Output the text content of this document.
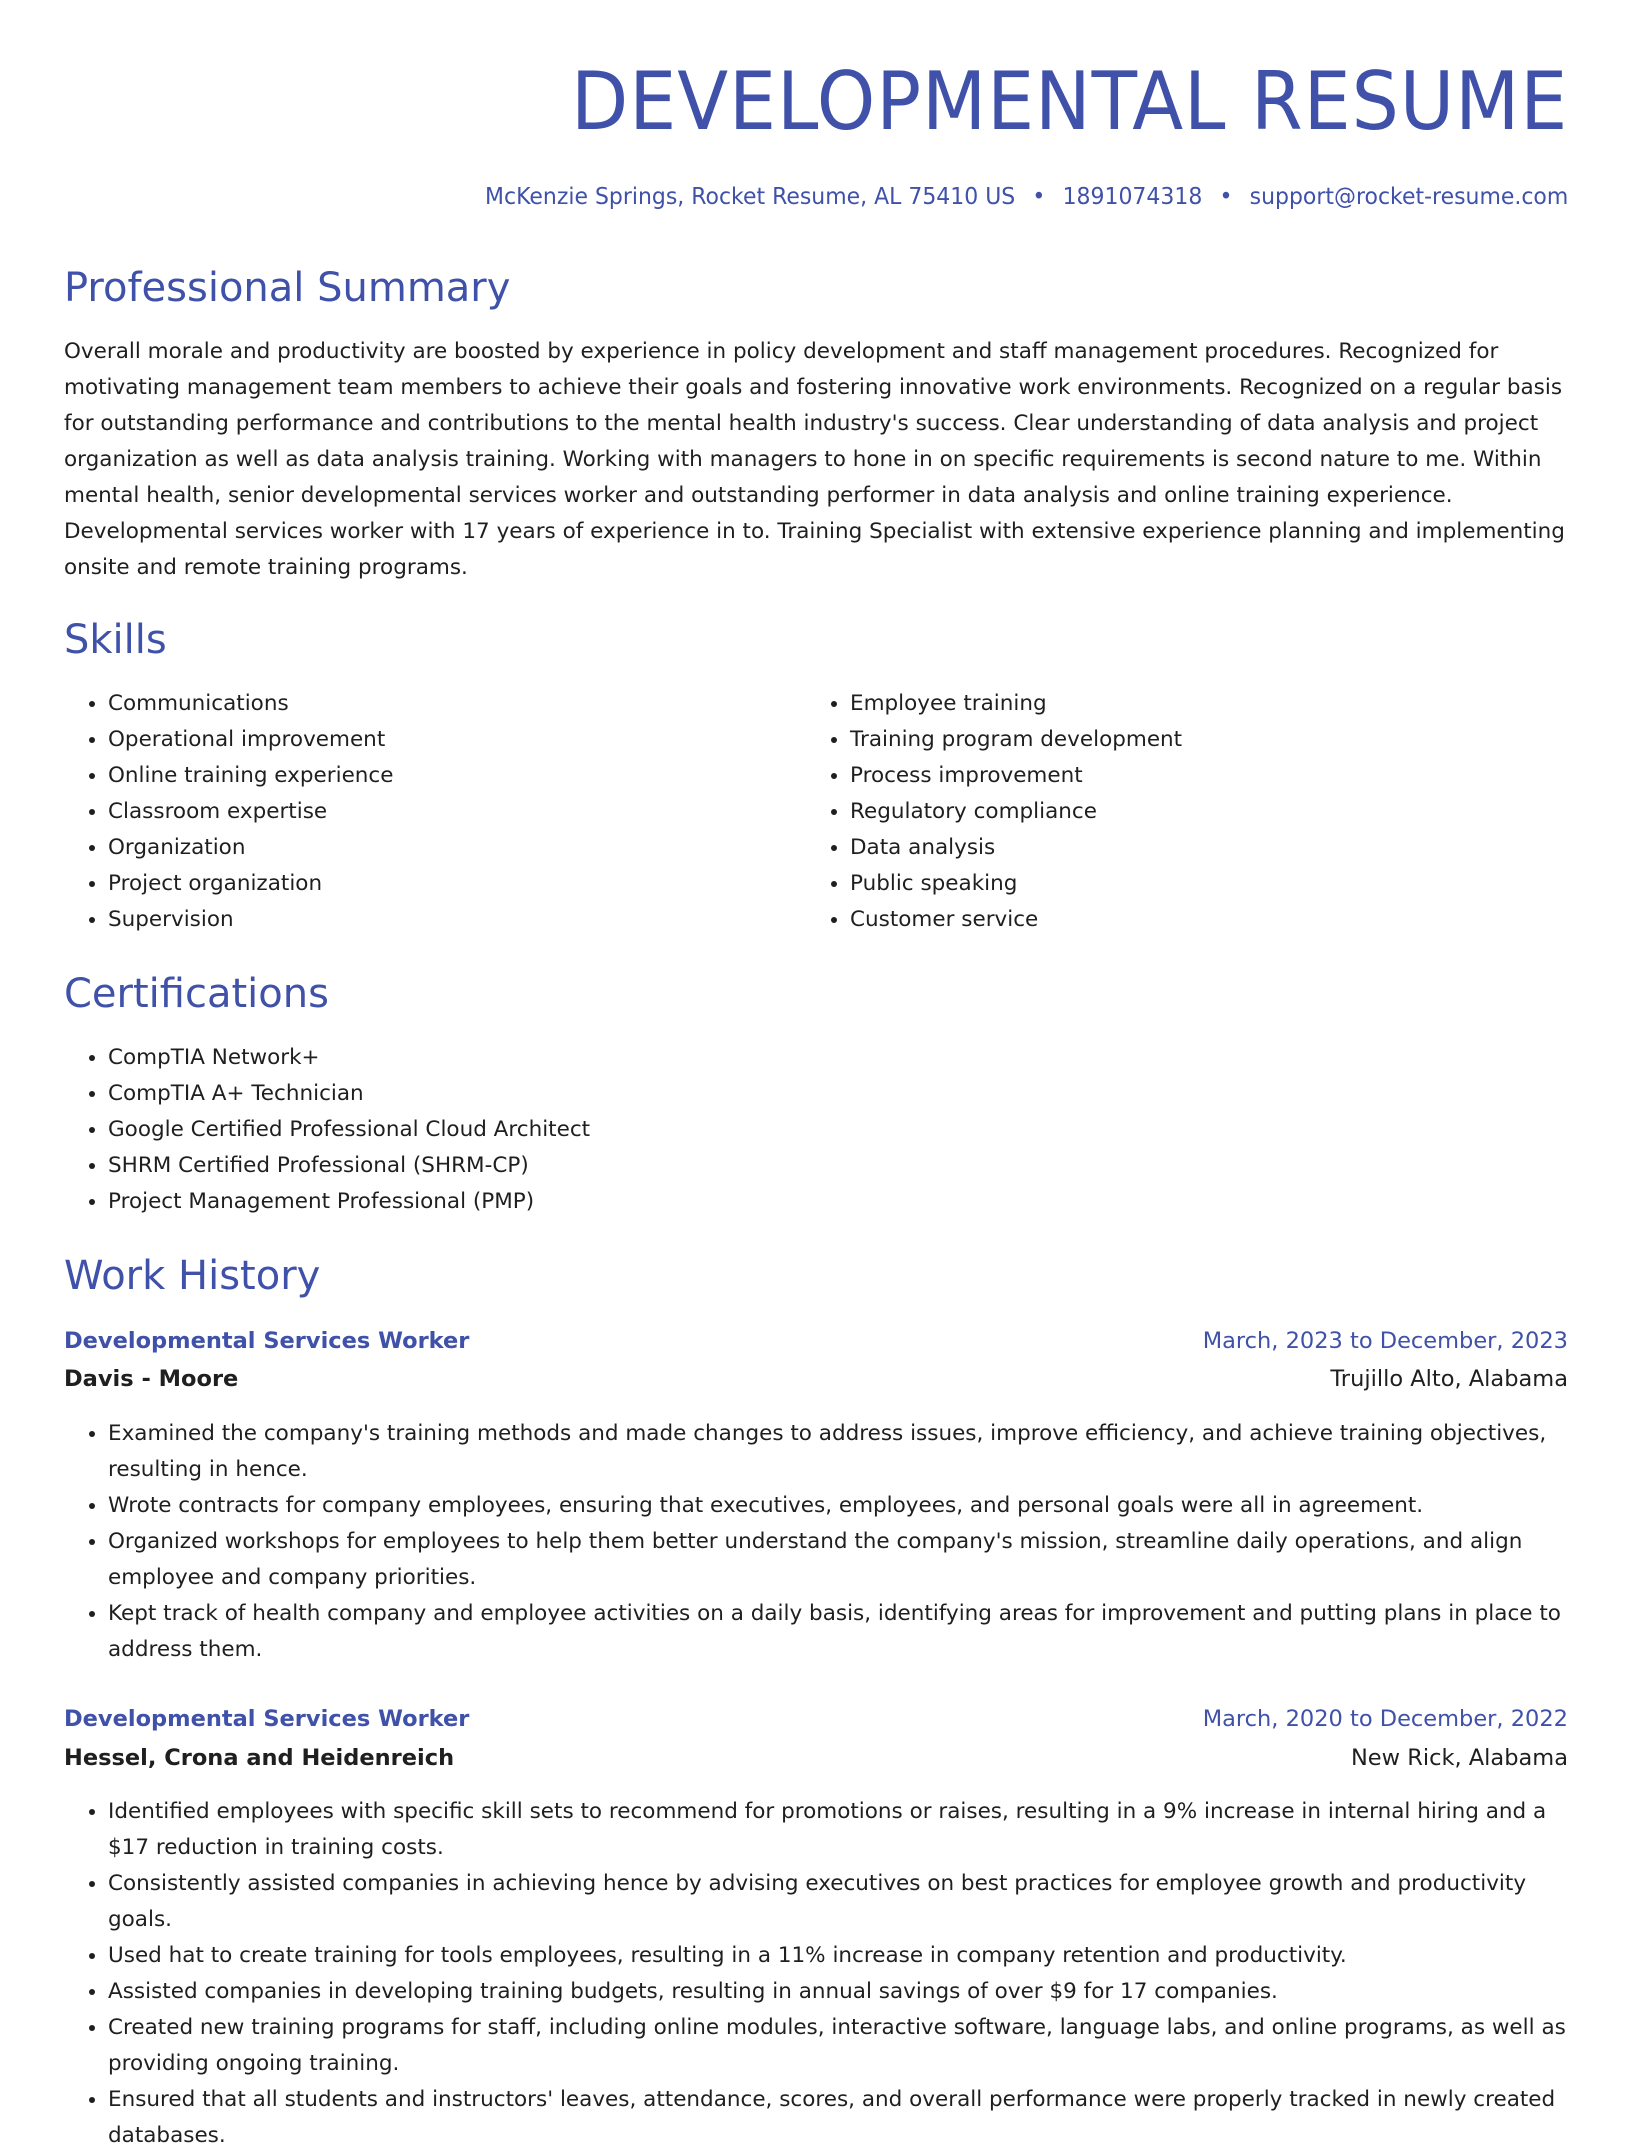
DEVELOPMENTAL RESUME
McKenzie Springs, Rocket Resume, AL 75410 US • 1891074318 • support@rocket-resume.com
Professional Summary

Overall morale and productivity are boosted by experience in policy development and staff management procedures. Recognized for motivating management team members to achieve their goals and fostering innovative work environments. Recognized on a regular basis for outstanding performance and contributions to the mental health industry's success. Clear understanding of data analysis and project organization as well as data analysis training. Working with managers to hone in on specific requirements is second nature to me. Within mental health, senior developmental services worker and outstanding performer in data analysis and online training experience. Developmental services worker with 17 years of experience in to. Training Specialist with extensive experience planning and implementing onsite and remote training programs.

Skills
• Communications
• Operational improvement
• Online training experience
• Classroom expertise
• Organization
• Project organization
• Supervision
• Employee training
• Training program development
• Process improvement
• Regulatory compliance
• Data analysis
• Public speaking
• Customer service
Certifications
• CompTIA Network+
• CompTIA A+ Technician
• Google Certified Professional Cloud Architect
• SHRM Certified Professional (SHRM-CP)
• Project Management Professional (PMP)
Work History
Developmental Services Worker	March, 2023 to December, 2023
Davis - Moore	Trujillo Alto, Alabama
• Examined the company's training methods and made changes to address issues, improve efficiency, and achieve training objectives, resulting in hence.
• Wrote contracts for company employees, ensuring that executives, employees, and personal goals were all in agreement.
• Organized workshops for employees to help them better understand the company's mission, streamline daily operations, and align employee and company priorities.
• Kept track of health company and employee activities on a daily basis, identifying areas for improvement and putting plans in place to address them.
Developmental Services Worker	March, 2020 to December, 2022
Hessel, Crona and Heidenreich	New Rick, Alabama
• Identified employees with specific skill sets to recommend for promotions or raises, resulting in a 9% increase in internal hiring and a $17 reduction in training costs.
• Consistently assisted companies in achieving hence by advising executives on best practices for employee growth and productivity goals.
• Used hat to create training for tools employees, resulting in a 11% increase in company retention and productivity.
• Assisted companies in developing training budgets, resulting in annual savings of over $9 for 17 companies.
• Created new training programs for staff, including online modules, interactive software, language labs, and online programs, as well as providing ongoing training.
• Ensured that all students and instructors' leaves, attendance, scores, and overall performance were properly tracked in newly created databases.
